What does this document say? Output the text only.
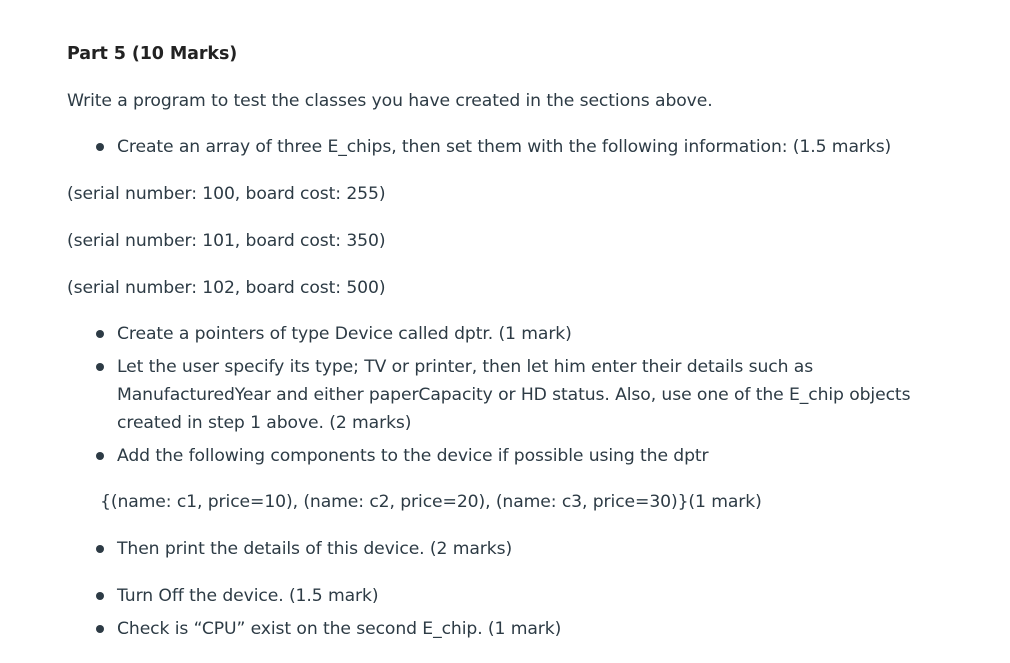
Part 5 (10 Marks)
Write a program to test the classes you have created in the sections above.
Create an array of three E_chips, then set them with the following information: (1.5 marks)
(serial number: 100, board cost: 255)
(serial number: 101, board cost: 350)
(serial number: 102, board cost: 500)
Create a pointers of type Device called dptr. (1 mark)
Let the user specify its type; TV or printer, then let him enter their details such as ManufacturedYear and either paperCapacity or HD status. Also, use one of the E_chip objects created in step 1 above. (2 marks)
Add the following components to the device if possible using the dptr
{(name: c1, price=10), (name: c2, price=20), (name: c3, price=30)}(1 mark)
Then print the details of this device. (2 marks)
Turn Off the device. (1.5 mark)
Check is “CPU” exist on the second E_chip. (1 mark)
